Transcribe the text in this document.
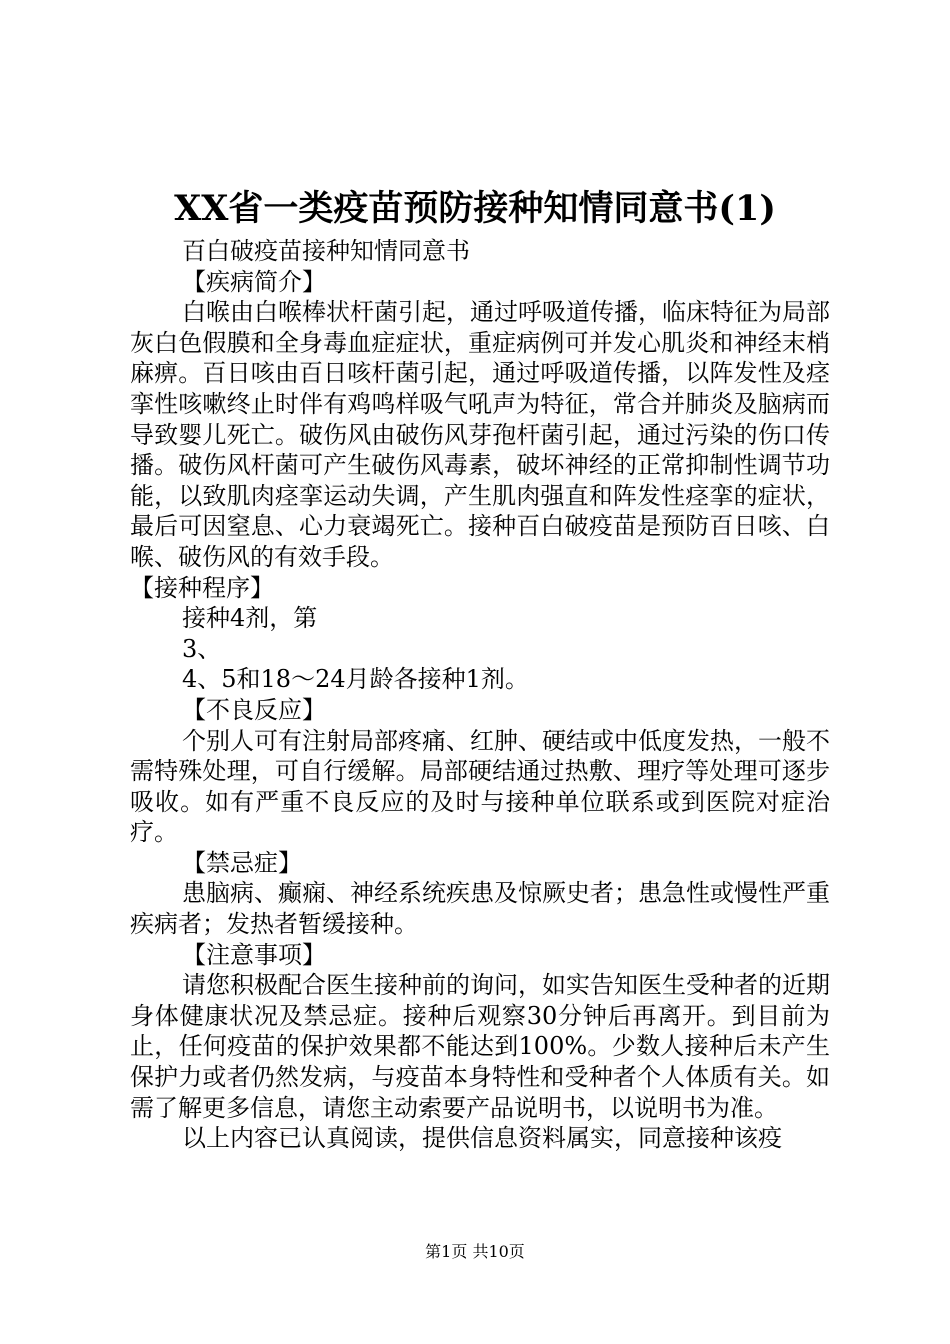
XX省一类疫苗预防接种知情同意书(1)

百白破疫苗接种知情同意书

【疾病简介】

白喉由白喉棒状杆菌引起，通过呼吸道传播，临床特征为局部灰白色假膜和全身毒血症症状，重症病例可并发心肌炎和神经末梢麻痹。百日咳由百日咳杆菌引起，通过呼吸道传播，以阵发性及痉挛性咳嗽终止时伴有鸡鸣样吸气吼声为特征，常合并肺炎及脑病而导致婴儿死亡。破伤风由破伤风芽孢杆菌引起，通过污染的伤口传播。破伤风杆菌可产生破伤风毒素，破坏神经的正常抑制性调节功能，以致肌肉痉挛运动失调，产生肌肉强直和阵发性痉挛的症状，最后可因窒息、心力衰竭死亡。接种百白破疫苗是预防百日咳、白喉、破伤风的有效手段。

【接种程序】

接种4剂，第

3、

4、5和18～24月龄各接种1剂。

【不良反应】

个别人可有注射局部疼痛、红肿、硬结或中低度发热，一般不需特殊处理，可自行缓解。局部硬结通过热敷、理疗等处理可逐步吸收。如有严重不良反应的及时与接种单位联系或到医院对症治疗。

【禁忌症】

患脑病、癫痫、神经系统疾患及惊厥史者；患急性或慢性严重疾病者；发热者暂缓接种。

【注意事项】

请您积极配合医生接种前的询问，如实告知医生受种者的近期身体健康状况及禁忌症。接种后观察30分钟后再离开。到目前为止，任何疫苗的保护效果都不能达到100%。少数人接种后未产生保护力或者仍然发病，与疫苗本身特性和受种者个人体质有关。如需了解更多信息，请您主动索要产品说明书，以说明书为准。

以上内容已认真阅读，提供信息资料属实，同意接种该疫

第1页 共10页
